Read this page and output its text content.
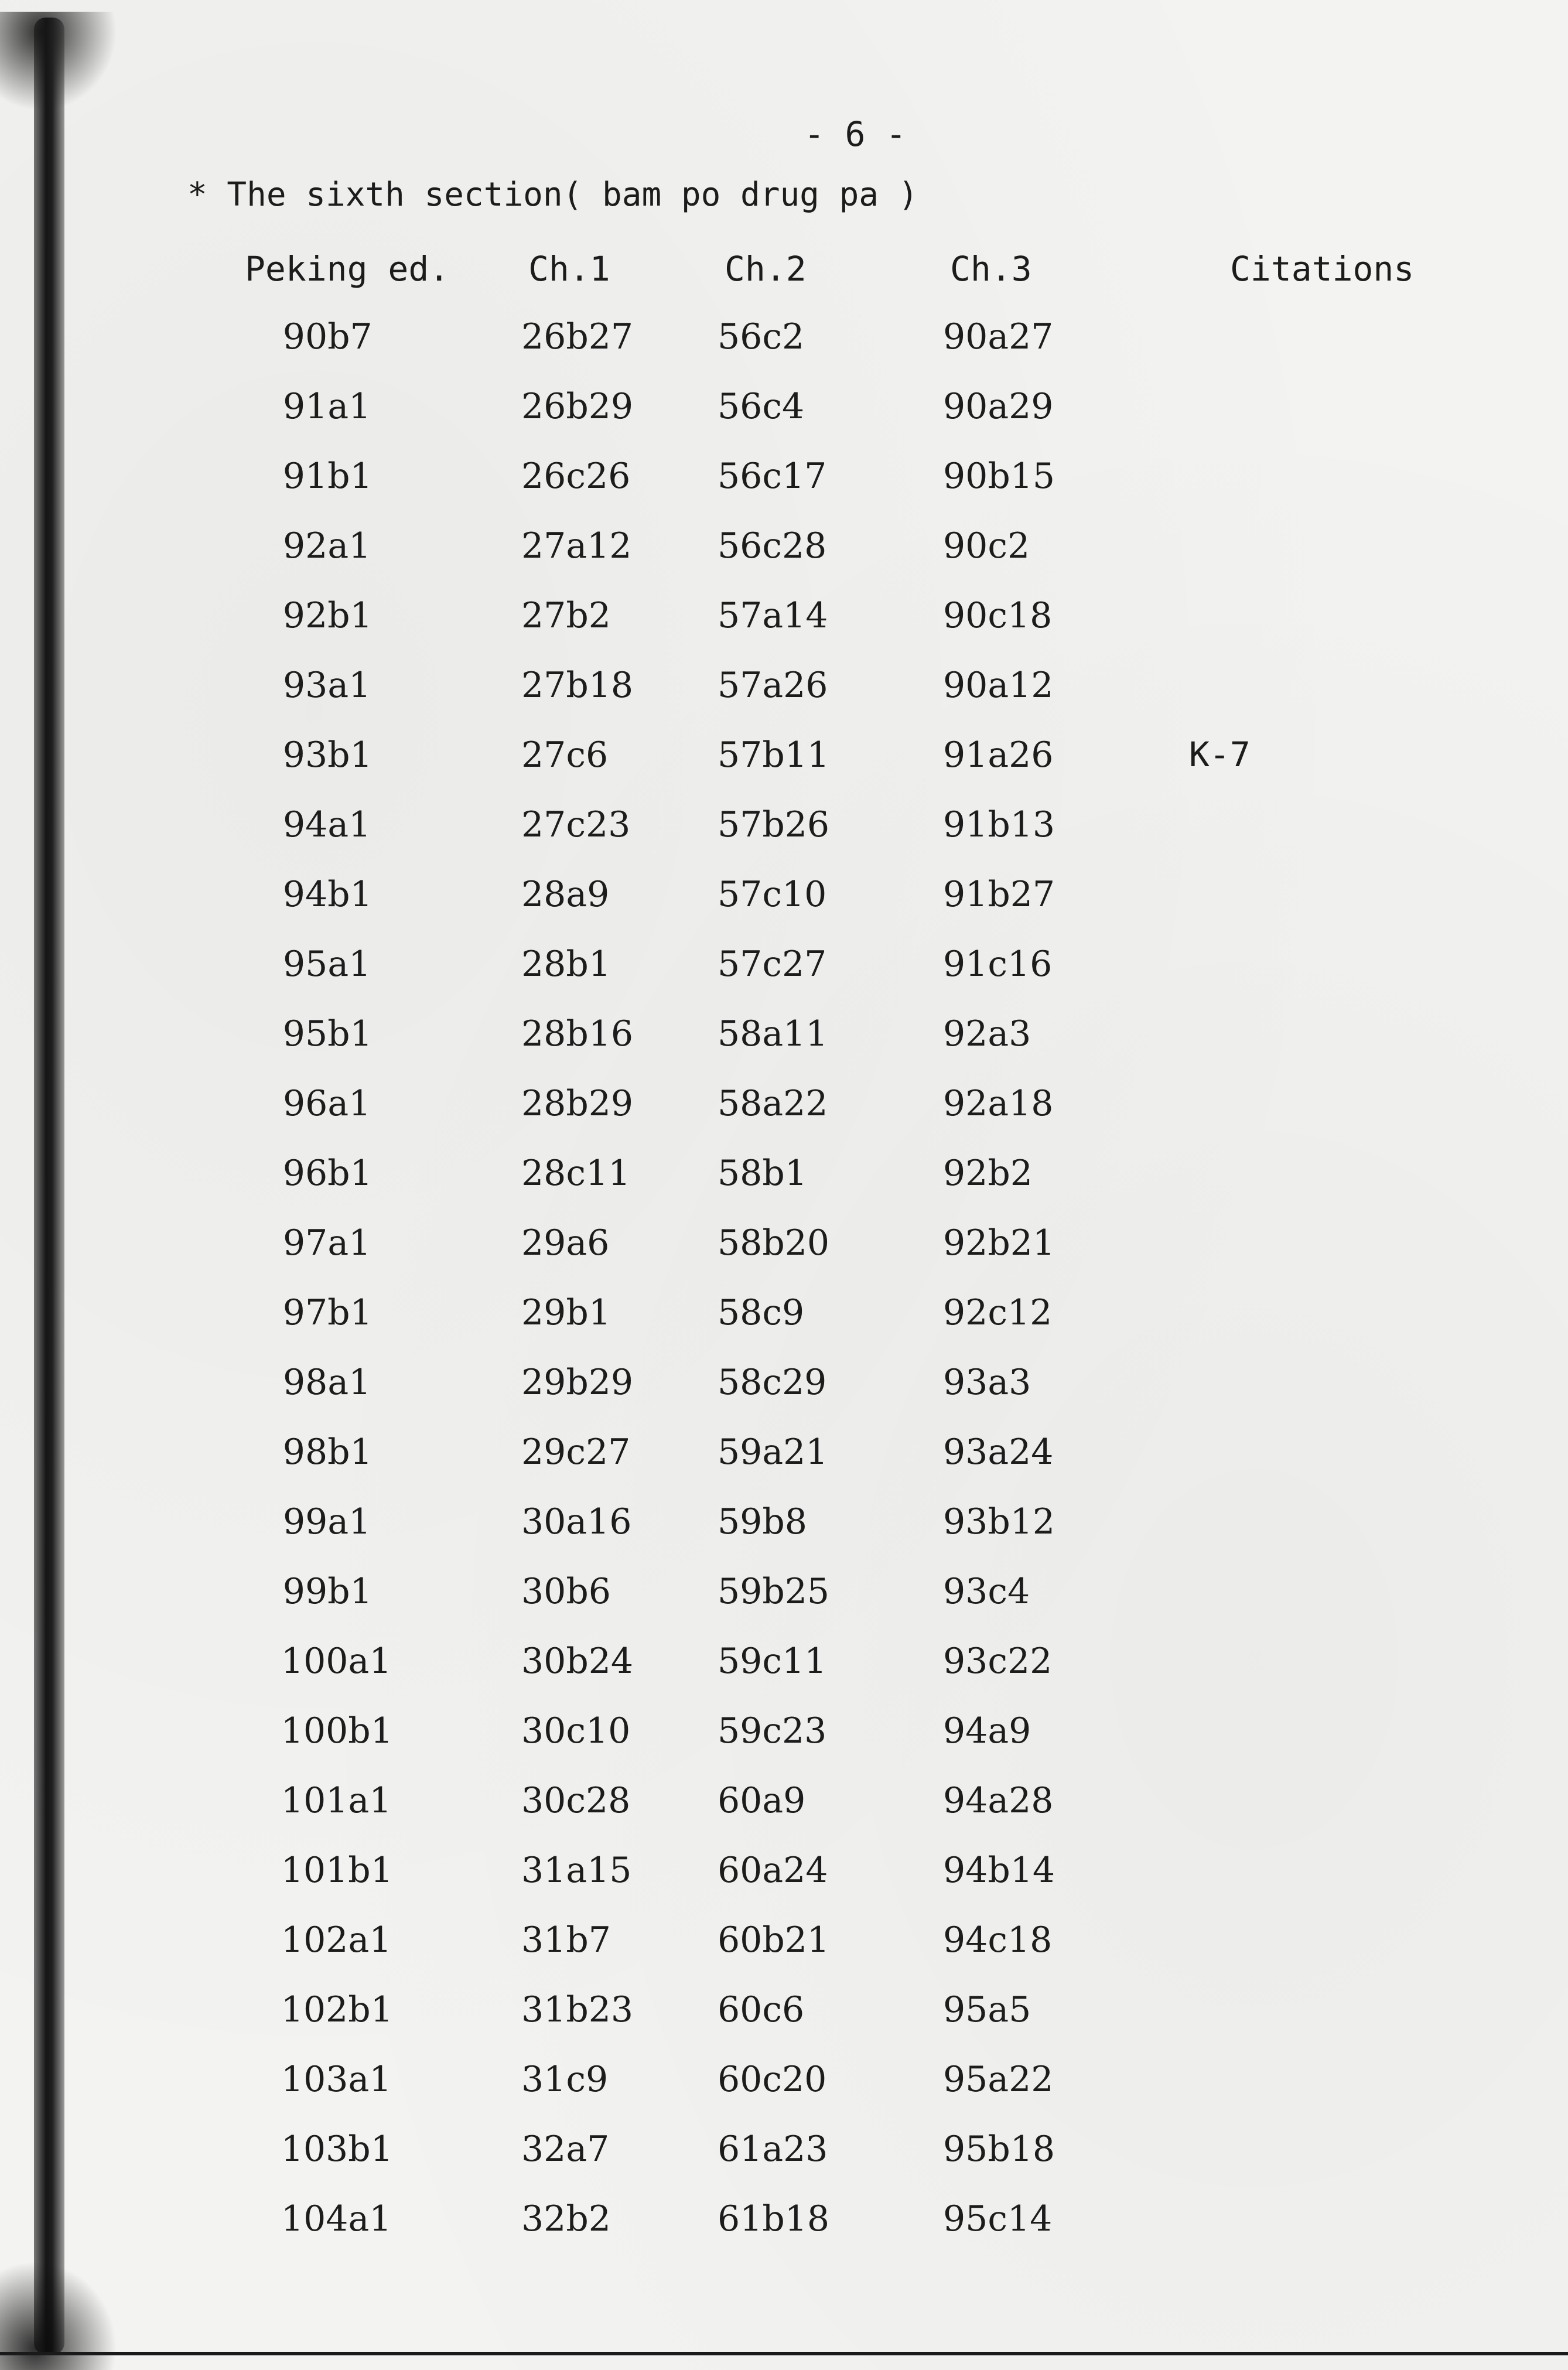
- 6 -
* The sixth section( bam po drug pa )
Peking ed. Ch.1	Ch.2	Ch.3	Citations
90b7	26b27 56c2	90a27
91a1	26b29 56c4	90a29
91b1	26c26 56c17	90b15
92a1	27a12 56c28	90c2
92b1	27b2	57a14	90c18
93a1	27b18 57a26	90a12
93b1	27c6	57b11	91a26	K-7
94a1	27c23 57b26	91b13
94b1	28a9	57c10	91b27
95a1	28b1	57c27	91c16
95b1	28b16 58a11	92a3
96a1	28b29 58a22	92a18
96b1	28c11 58b1	92b2
97a1	29a6	58b20	92b21
97b1	29b1	58c9	92c12
98a1	29b29 58c29	93a3
98b1	29c27 59a21	93a24
99a1	30a16 59b8	93b12
99b1	30b6	59b25	93c4
100a1	30b24 59c11	93c22
100b1	30c10 59c23	94a9
101a1	30c28 60a9	94a28
101b1	31a15 60a24	94b14
102a1	31b7	60b21	94c18
102b1	31b23 60c6	95a5
103a1	31c9	60c20	95a22
103b1	32a7	61a23	95b18
104a1	32b2	61b18	95c14
